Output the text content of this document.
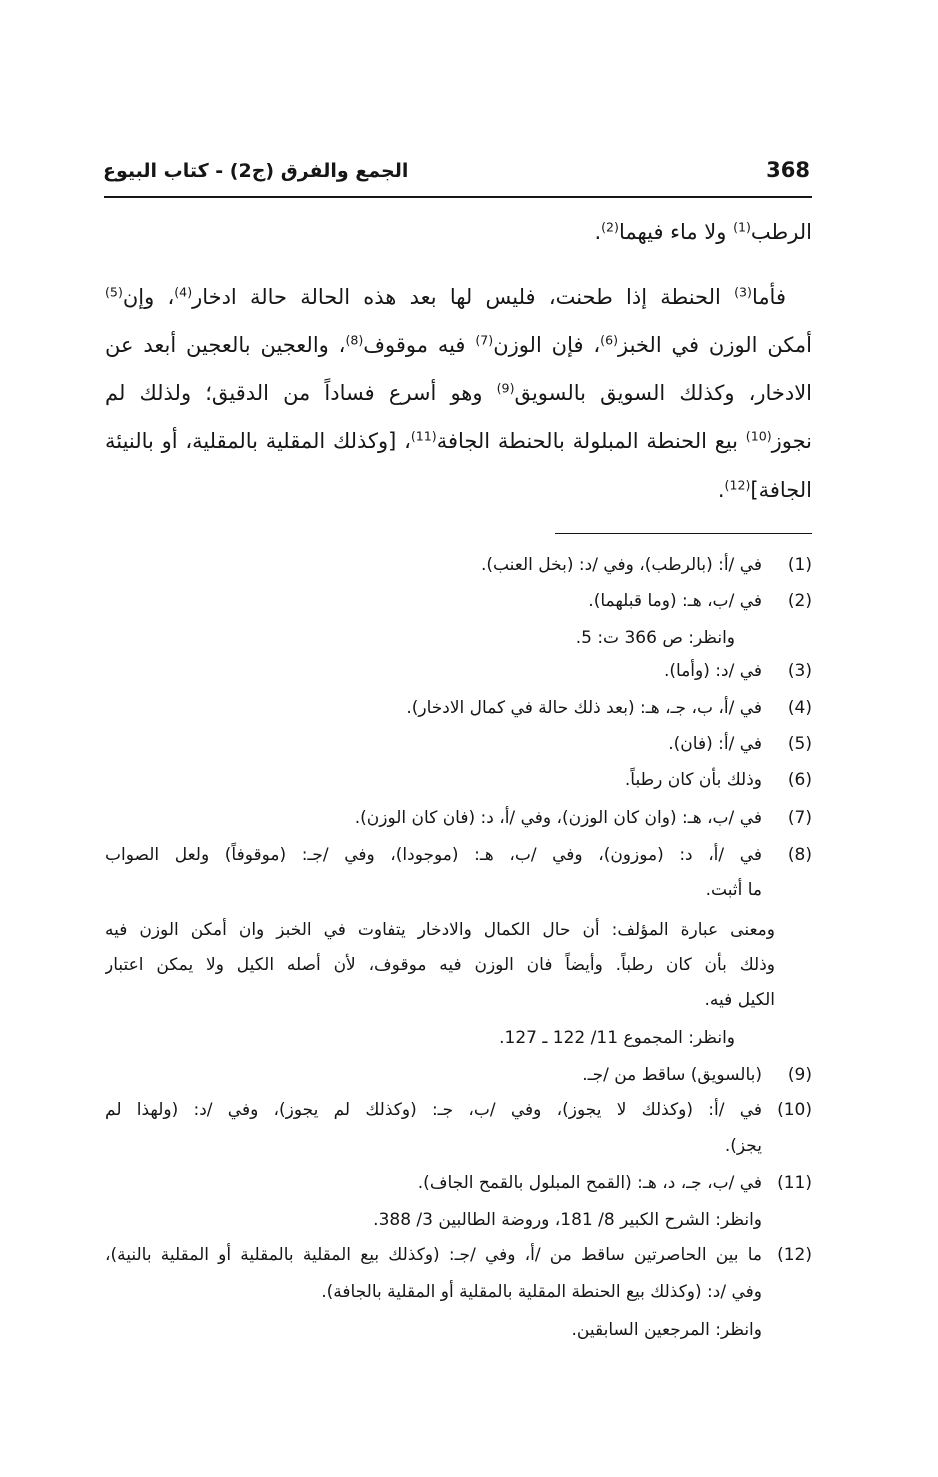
368
الجمع والفرق (ج2) - كتاب البيوع
الرطب$^{(1)}$ ولا ماء فيهما$^{(2)}$.
فأما$^{(3)}$ الحنطة إذا طحنت، فليس لها بعد هذه الحالة حالة ادخار$^{(4)}$، وإن$^{(5)}$
أمكن الوزن في الخبز$^{(6)}$، فإن الوزن$^{(7)}$ فيه موقوف$^{(8)}$، والعجين بالعجين أبعد عن
الادخار، وكذلك السويق بالسويق$^{(9)}$ وهو أسرع فساداً من الدقيق؛ ولذلك لم
نجوز$^{(10)}$ بيع الحنطة المبلولة بالحنطة الجافة$^{(11)}$، [وكذلك المقلية بالمقلية، أو بالنيئة
الجافة]$^{(12)}$.
(1)
في /أ: (بالرطب)، وفي /د: (بخل العنب).
(2)
في /ب، هـ: (وما قبلهما).
وانظر: ص 366 ت: 5.
(3)
في /د: (وأما).
(4)
في /أ، ب، جـ، هـ: (بعد ذلك حالة في كمال الادخار).
(5)
في /أ: (فان).
(6)
وذلك بأن كان رطباً.
(7)
في /ب، هـ: (وان كان الوزن)، وفي /أ، د: (فان كان الوزن).
(8)
في /أ، د: (موزون)، وفي /ب، هـ: (موجودا)، وفي /جـ: (موقوفاً) ولعل الصواب
ما أثبت.
ومعنى عبارة المؤلف: أن حال الكمال والادخار يتفاوت في الخبز وان أمكن الوزن فيه
وذلك بأن كان رطباً. وأيضاً فان الوزن فيه موقوف، لأن أصله الكيل ولا يمكن اعتبار
الكيل فيه.
وانظر: المجموع 11/ 122 ـ 127.
(9)
(بالسويق) ساقط من /جـ.
(10)
في /أ: (وكذلك لا يجوز)، وفي /ب، جـ: (وكذلك لم يجوز)، وفي /د: (ولهذا لم
يجز).
(11)
في /ب، جـ، د، هـ: (القمح المبلول بالقمح الجاف).
وانظر: الشرح الكبير 8/ 181، وروضة الطالبين 3/ 388.
(12)
ما بين الحاصرتين ساقط من /أ، وفي /جـ: (وكذلك بيع المقلية بالمقلية أو المقلية بالنية)،
وفي /د: (وكذلك بيع الحنطة المقلية بالمقلية أو المقلية بالجافة).
وانظر: المرجعين السابقين.
